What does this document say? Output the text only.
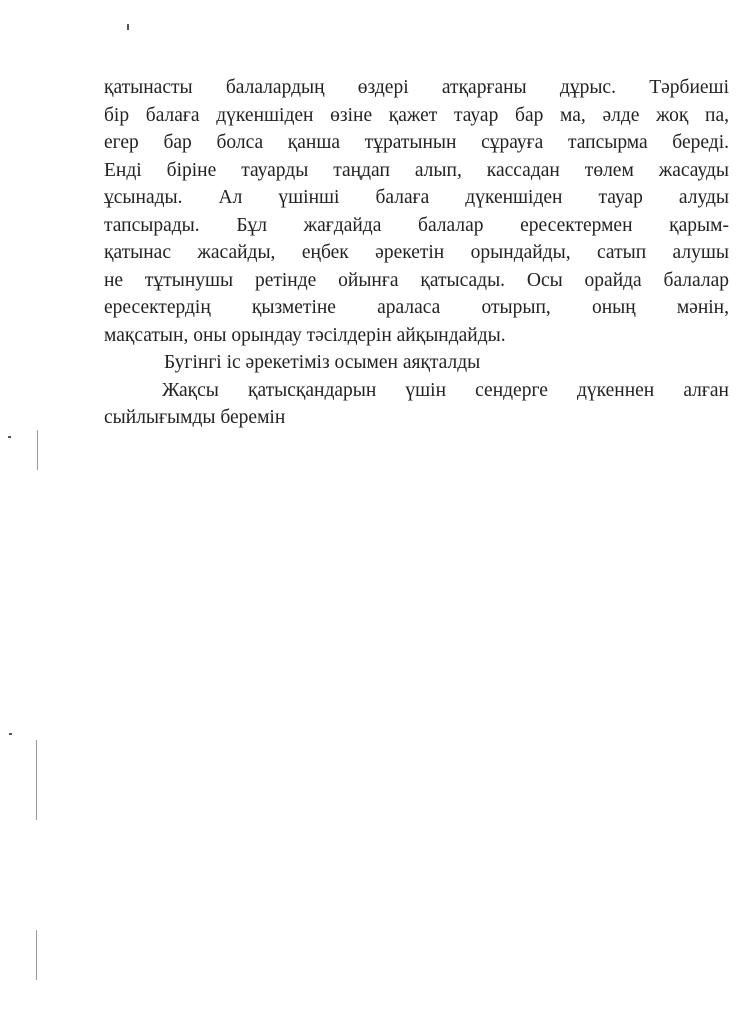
қатынасты балалардың өздері атқарғаны дұрыс. Тәрбиеші
бір балаға дүкеншіден өзіне қажет тауар бар ма, әлде жоқ па,
егер бар болса қанша тұратынын сұрауға тапсырма береді.
Енді біріне тауарды таңдап алып, кассадан төлем жасауды
ұсынады. Ал үшінші балаға дүкеншіден тауар алуды
тапсырады. Бұл жағдайда балалар ересектермен қарым-
қатынас жасайды, еңбек әрекетін орындайды, сатып алушы
не тұтынушы ретінде ойынға қатысады. Осы орайда балалар
ересектердің қызметіне араласа отырып, оның мәнін,
мақсатын, оны орындау тәсілдерін айқындайды.

Бугінгі іс әрекетіміз осымен аяқталды

Жақсы қатысқандарын үшін сендерге дүкеннен алған
сыйлығымды беремін
